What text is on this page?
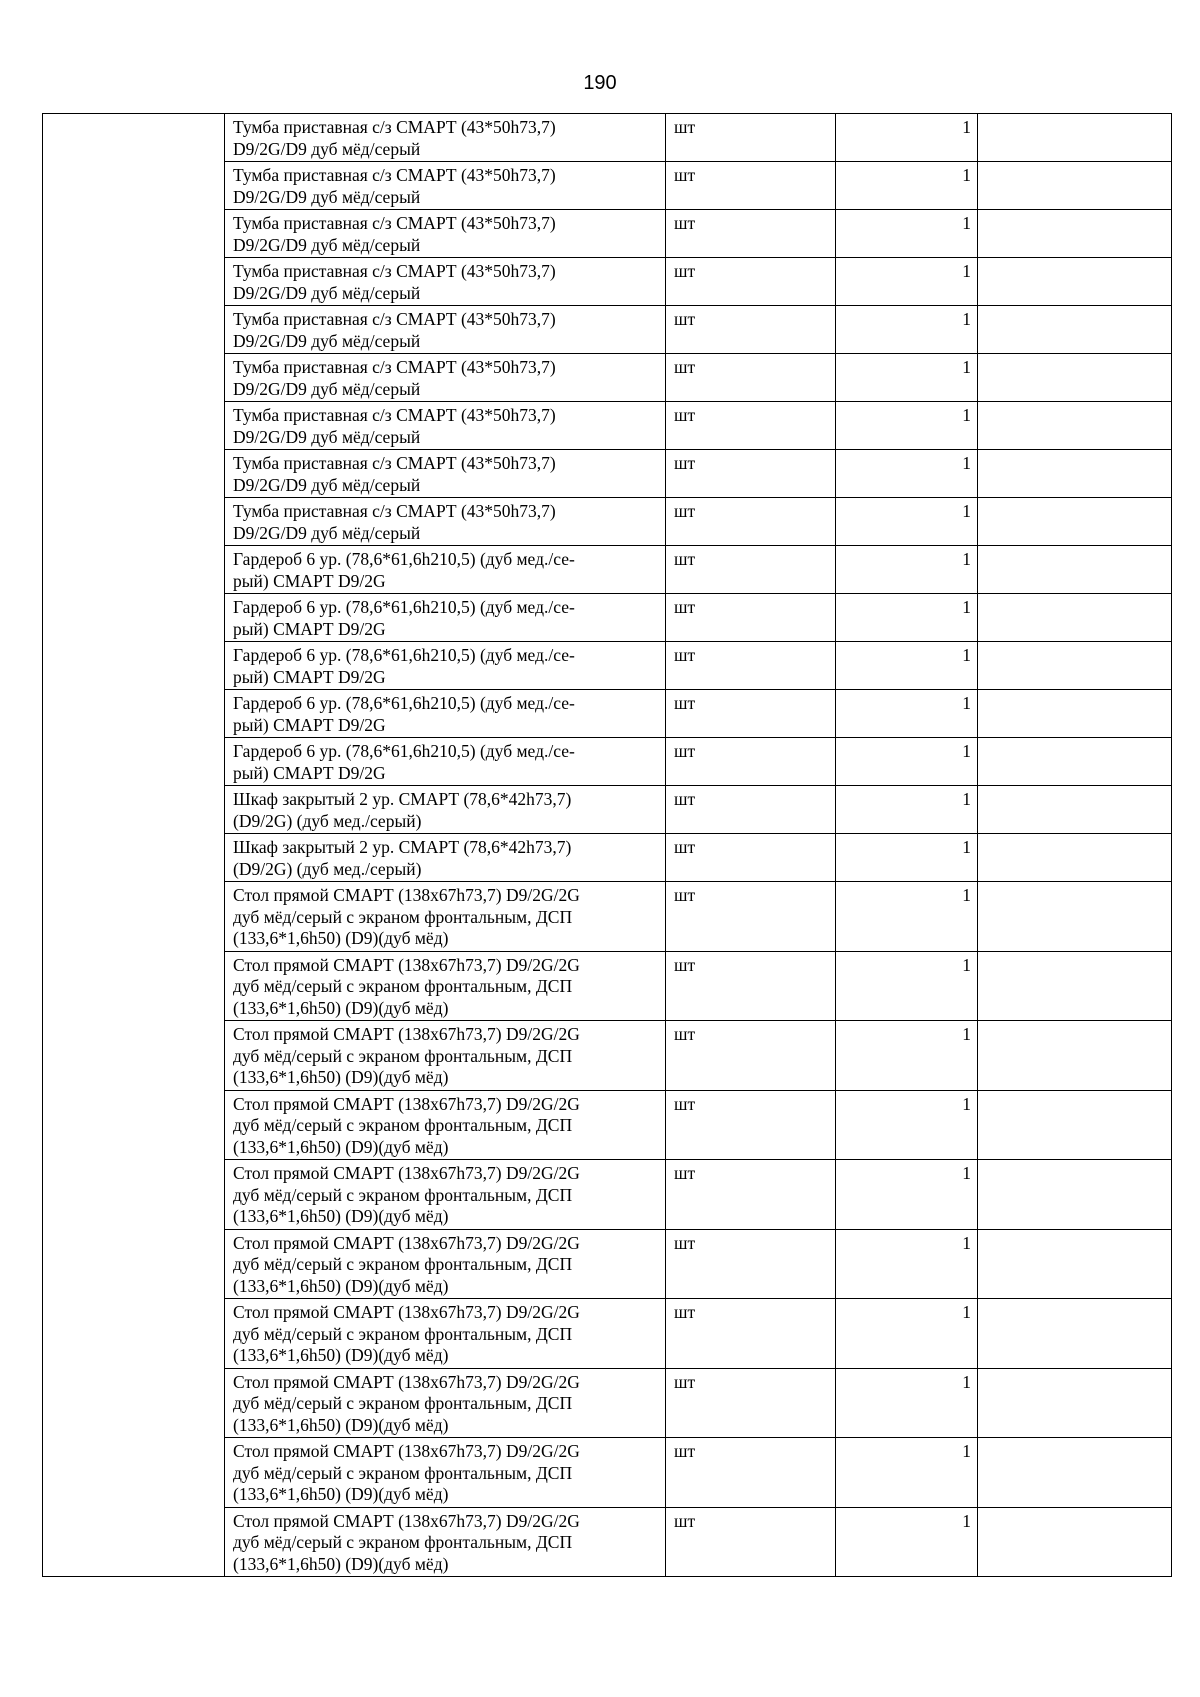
190
	Тумба приставная с/з СМАРТ (43*50h73,7)
D9/2G/D9 дуб мёд/серый	шт	1	
	Тумба приставная с/з СМАРТ (43*50h73,7)
D9/2G/D9 дуб мёд/серый	шт	1	
	Тумба приставная с/з СМАРТ (43*50h73,7)
D9/2G/D9 дуб мёд/серый	шт	1	
	Тумба приставная с/з СМАРТ (43*50h73,7)
D9/2G/D9 дуб мёд/серый	шт	1	
	Тумба приставная с/з СМАРТ (43*50h73,7)
D9/2G/D9 дуб мёд/серый	шт	1	
	Тумба приставная с/з СМАРТ (43*50h73,7)
D9/2G/D9 дуб мёд/серый	шт	1	
	Тумба приставная с/з СМАРТ (43*50h73,7)
D9/2G/D9 дуб мёд/серый	шт	1	
	Тумба приставная с/з СМАРТ (43*50h73,7)
D9/2G/D9 дуб мёд/серый	шт	1	
	Тумба приставная с/з СМАРТ (43*50h73,7)
D9/2G/D9 дуб мёд/серый	шт	1	
	Гардероб 6 ур. (78,6*61,6h210,5) (дуб мед./се-
рый) СМАРТ D9/2G	шт	1	
	Гардероб 6 ур. (78,6*61,6h210,5) (дуб мед./се-
рый) СМАРТ D9/2G	шт	1	
	Гардероб 6 ур. (78,6*61,6h210,5) (дуб мед./се-
рый) СМАРТ D9/2G	шт	1	
	Гардероб 6 ур. (78,6*61,6h210,5) (дуб мед./се-
рый) СМАРТ D9/2G	шт	1	
	Гардероб 6 ур. (78,6*61,6h210,5) (дуб мед./се-
рый) СМАРТ D9/2G	шт	1	
	Шкаф закрытый 2 ур. СМАРТ (78,6*42h73,7)
(D9/2G) (дуб мед./серый)	шт	1	
	Шкаф закрытый 2 ур. СМАРТ (78,6*42h73,7)
(D9/2G) (дуб мед./серый)	шт	1	
	Стол прямой СМАРТ (138x67h73,7) D9/2G/2G
дуб мёд/серый с экраном фронтальным, ДСП
(133,6*1,6h50) (D9)(дуб мёд)	шт	1	
	Стол прямой СМАРТ (138x67h73,7) D9/2G/2G
дуб мёд/серый с экраном фронтальным, ДСП
(133,6*1,6h50) (D9)(дуб мёд)	шт	1	
	Стол прямой СМАРТ (138x67h73,7) D9/2G/2G
дуб мёд/серый с экраном фронтальным, ДСП
(133,6*1,6h50) (D9)(дуб мёд)	шт	1	
	Стол прямой СМАРТ (138x67h73,7) D9/2G/2G
дуб мёд/серый с экраном фронтальным, ДСП
(133,6*1,6h50) (D9)(дуб мёд)	шт	1	
	Стол прямой СМАРТ (138x67h73,7) D9/2G/2G
дуб мёд/серый с экраном фронтальным, ДСП
(133,6*1,6h50) (D9)(дуб мёд)	шт	1	
	Стол прямой СМАРТ (138x67h73,7) D9/2G/2G
дуб мёд/серый с экраном фронтальным, ДСП
(133,6*1,6h50) (D9)(дуб мёд)	шт	1	
	Стол прямой СМАРТ (138x67h73,7) D9/2G/2G
дуб мёд/серый с экраном фронтальным, ДСП
(133,6*1,6h50) (D9)(дуб мёд)	шт	1	
	Стол прямой СМАРТ (138x67h73,7) D9/2G/2G
дуб мёд/серый с экраном фронтальным, ДСП
(133,6*1,6h50) (D9)(дуб мёд)	шт	1	
	Стол прямой СМАРТ (138x67h73,7) D9/2G/2G
дуб мёд/серый с экраном фронтальным, ДСП
(133,6*1,6h50) (D9)(дуб мёд)	шт	1	
	Стол прямой СМАРТ (138x67h73,7) D9/2G/2G
дуб мёд/серый с экраном фронтальным, ДСП
(133,6*1,6h50) (D9)(дуб мёд)	шт	1	
